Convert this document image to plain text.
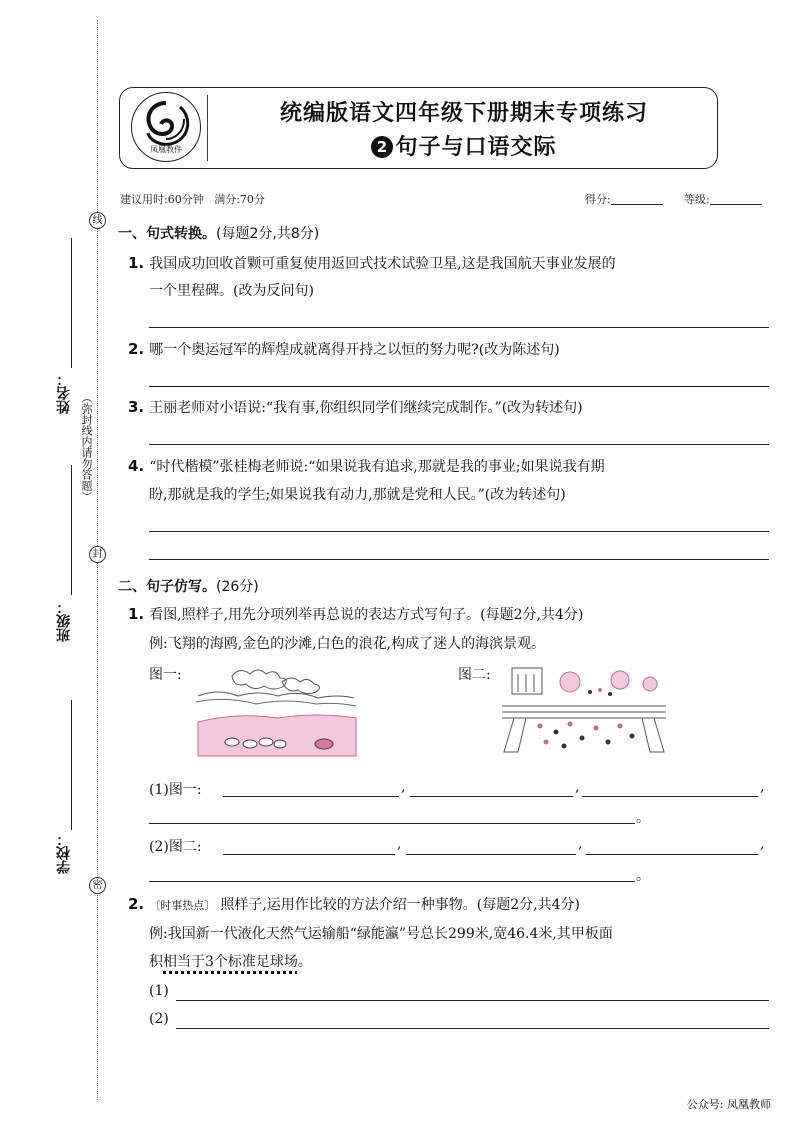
线
封
密
姓名： （弥封线内请勿答题）
班级：
学校：
凤凰教件
统编版语文四年级下册期末专项练习
2 句子与口语交际
建议用时:60分钟 满分:70分	得分:	等级:
一、句式转换。(每题2分,共8分)
1. 我国成功回收首颗可重复使用返回式技术试验卫星,这是我国航天事业发展的
一个里程碑。(改为反问句)
2. 哪一个奥运冠军的辉煌成就离得开持之以恒的努力呢?(改为陈述句)
3. 王丽老师对小语说:“我有事,你组织同学们继续完成制作。”(改为转述句)
4. “时代楷模”张桂梅老师说:“如果说我有追求,那就是我的事业;如果说我有期
盼,那就是我的学生;如果说我有动力,那就是党和人民。”(改为转述句)
二、句子仿写。(26分)
1. 看图,照样子,用先分项列举再总说的表达方式写句子。(每题2分,共4分)
例:飞翔的海鸥,金色的沙滩,白色的浪花,构成了迷人的海滨景观。
图一:	图二:
(1)图一:	,	,	,
。
(2)图二:	,	,	,
。
2. 〔时事热点〕 照样子,运用作比较的方法介绍一种事物。(每题2分,共4分)
例:我国新一代液化天然气运输船“绿能瀛”号总长299米,宽46.4米,其甲板面
积相当于3个标准足球场。
(1)
(2)
公众号: 凤凰教师
